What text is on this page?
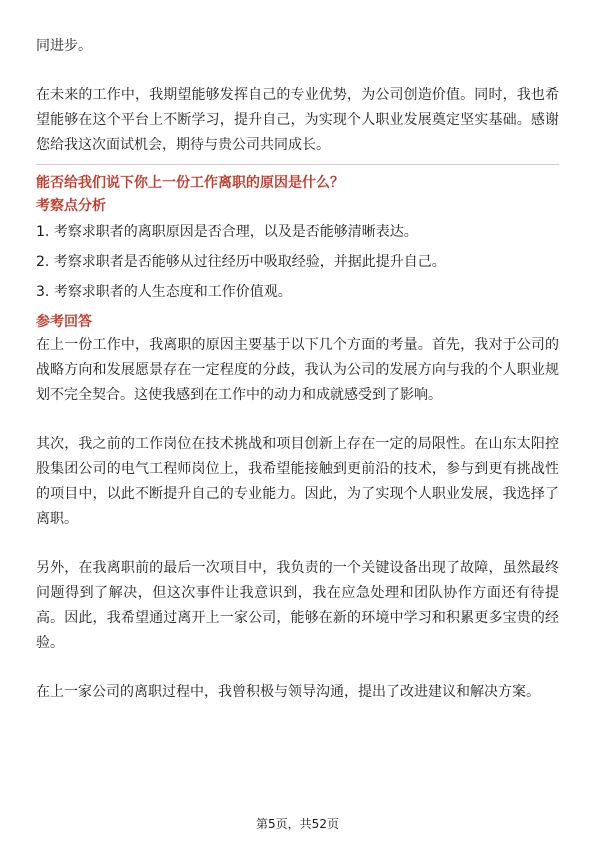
同进步。

在未来的工作中，我期望能够发挥自己的专业优势，为公司创造价值。同时，我也希望能够在这个平台上不断学习，提升自己，为实现个人职业发展奠定坚实基础。感谢您给我这次面试机会，期待与贵公司共同成长。

能否给我们说下你上一份工作离职的原因是什么？

考察点分析

1. 考察求职者的离职原因是否合理，以及是否能够清晰表达。

2. 考察求职者是否能够从过往经历中吸取经验，并据此提升自己。

3. 考察求职者的人生态度和工作价值观。

参考回答

在上一份工作中，我离职的原因主要基于以下几个方面的考量。首先，我对于公司的战略方向和发展愿景存在一定程度的分歧，我认为公司的发展方向与我的个人职业规划不完全契合。这使我感到在工作中的动力和成就感受到了影响。

其次，我之前的工作岗位在技术挑战和项目创新上存在一定的局限性。在山东太阳控股集团公司的电气工程师岗位上，我希望能接触到更前沿的技术，参与到更有挑战性的项目中，以此不断提升自己的专业能力。因此，为了实现个人职业发展，我选择了离职。

另外，在我离职前的最后一次项目中，我负责的一个关键设备出现了故障，虽然最终问题得到了解决，但这次事件让我意识到，我在应急处理和团队协作方面还有待提高。因此，我希望通过离开上一家公司，能够在新的环境中学习和积累更多宝贵的经验。

在上一家公司的离职过程中，我曾积极与领导沟通，提出了改进建议和解决方案。

第5页，共52页
